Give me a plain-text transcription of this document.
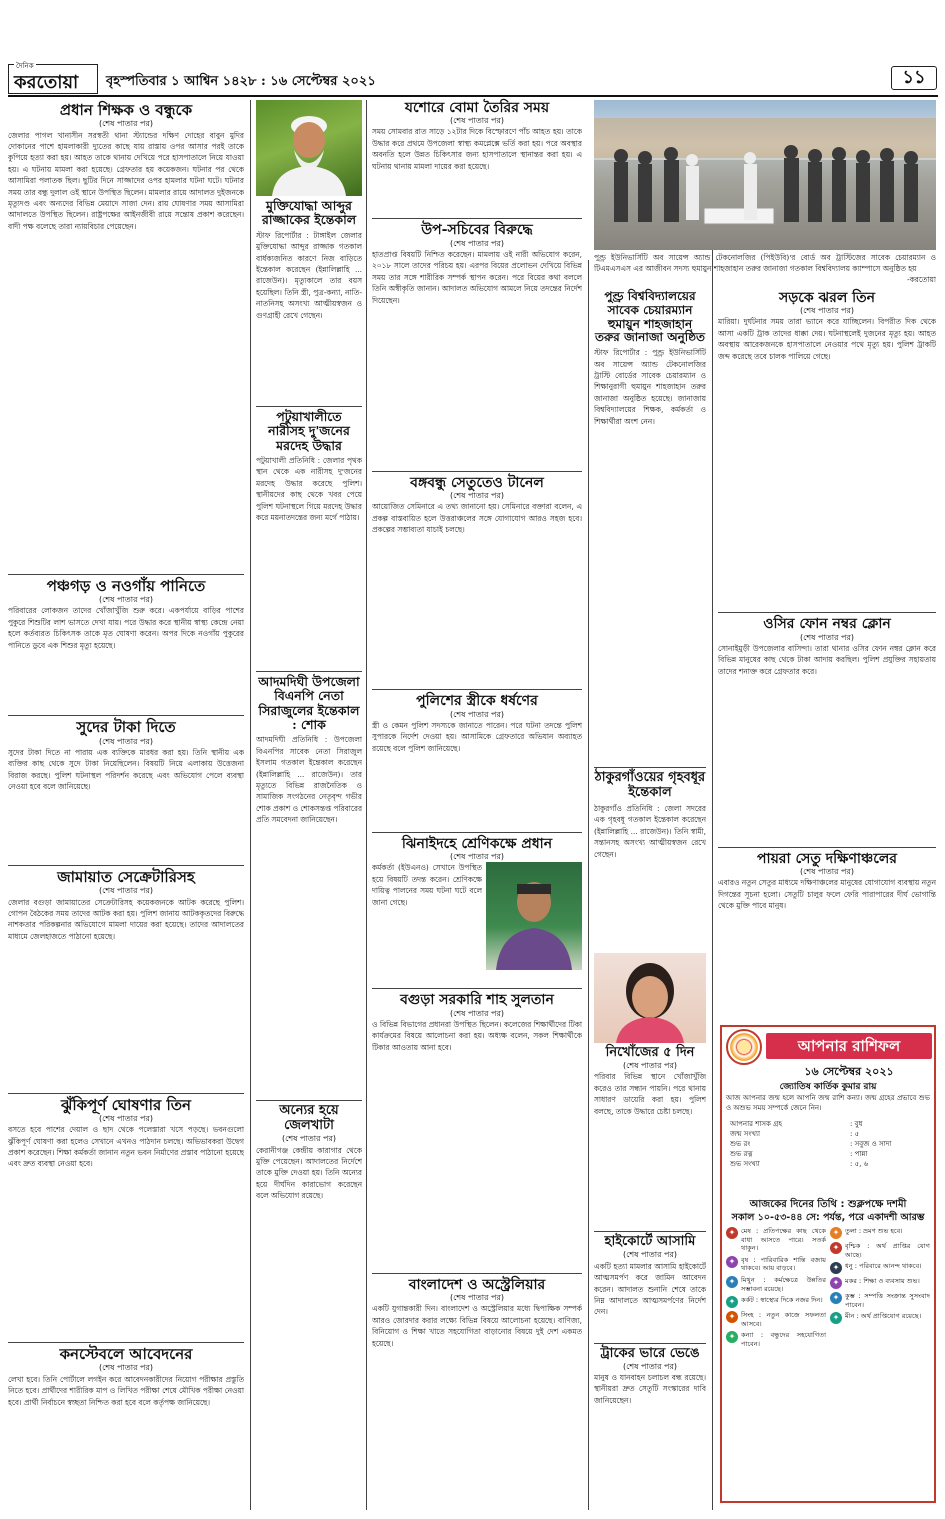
দৈনিক
করতোয়া বৃহস্পতিবার ১ আশ্বিন ১৪২৮ : ১৬ সেপ্টেম্বর ২০২১	১১
প্রধান শিক্ষক ও বন্ধুকে
(শেষ পাতার পর)
জেলার পাগল খানাসীন সরস্বতী থানা স্ট্যান্ডের দক্ষিণ দোহের বাবুন মুদির দোকানের পাশে হামলাকারী দ্যুতের কাছে যায় রাস্তায় ওপর আসার পরই তাকে কুপিয়ে হত্যা করা হয়। আহত তাকে থানায় দেখিয়ে পরে হাসপাতালে নিয়ে যাওয়া হয়। এ ঘটনায় মামলা করা হয়েছে। গ্রেফতার হয় কয়েকজন। ঘটনার পর থেকে আসামিরা পলাতক ছিল। ছুটির দিনে সাজ্জাদের ওপর হামলার ঘটনা ঘটে। ঘটনার সময় তার বন্ধু দুলাল ওই স্থানে উপস্থিত ছিলেন। মামলার রায়ে আদালত দুইজনকে মৃত্যুদণ্ড এবং অন্যদের বিভিন্ন মেয়াদে সাজা দেন। রায় ঘোষণার সময় আসামিরা আদালতে উপস্থিত ছিলেন। রাষ্ট্রপক্ষের আইনজীবী রায়ে সন্তোষ প্রকাশ করেছেন। বাদী পক্ষ বলেছে তারা ন্যায়বিচার পেয়েছেন।
পঞ্চগড় ও নওগাঁয় পানিতে
(শেষ পাতার পর)
পরিবারের লোকজন তাদের খোঁজাখুঁজি শুরু করে। একপর্যায়ে বাড়ির পাশের পুকুরে শিশুটির লাশ ভাসতে দেখা যায়। পরে উদ্ধার করে স্থানীয় স্বাস্থ্য কেন্দ্রে নেয়া হলে কর্তব্যরত চিকিৎসক তাকে মৃত ঘোষণা করেন। অপর দিকে নওগাঁয় পুকুরের পানিতে ডুবে এক শিশুর মৃত্যু হয়েছে।
সুদের টাকা দিতে
(শেষ পাতার পর)
সুদের টাকা দিতে না পারায় এক ব্যক্তিকে মারধর করা হয়। তিনি স্থানীয় এক ব্যক্তির কাছ থেকে সুদে টাকা নিয়েছিলেন। বিষয়টি নিয়ে এলাকায় উত্তেজনা বিরাজ করছে। পুলিশ ঘটনাস্থল পরিদর্শন করেছে এবং অভিযোগ পেলে ব্যবস্থা নেওয়া হবে বলে জানিয়েছে।
জামায়াত সেক্রেটারিসহ
(শেষ পাতার পর)
জেলার বগুড়া জামায়াতের সেক্রেটারিসহ কয়েকজনকে আটক করেছে পুলিশ। গোপন বৈঠকের সময় তাদের আটক করা হয়। পুলিশ জানায় আটককৃতদের বিরুদ্ধে নাশকতার পরিকল্পনার অভিযোগে মামলা দায়ের করা হয়েছে। তাদের আদালতের মাধ্যমে জেলহাজতে পাঠানো হয়েছে।
ঝুঁকিপূর্ণ ঘোষণার তিন
(শেষ পাতার পর)
বসতে হবে পাশের দেয়াল ও ছাদ থেকে পলেস্তারা খসে পড়ছে। ভবনগুলো ঝুঁকিপূর্ণ ঘোষণা করা হলেও সেখানে এখনও পাঠদান চলছে। অভিভাবকরা উদ্বেগ প্রকাশ করেছেন। শিক্ষা কর্মকর্তা জানান নতুন ভবন নির্মাণের প্রস্তাব পাঠানো হয়েছে এবং দ্রুত ব্যবস্থা নেওয়া হবে।
কনস্টেবলে আবেদনের
(শেষ পাতার পর)
লেখা হবে। তিনি পোর্টালে লগইন করে আবেদনকারীদের নিয়োগ পরীক্ষার প্রস্তুতি নিতে হবে। প্রার্থীদের শারীরিক মাপ ও লিখিত পরীক্ষা শেষে মৌখিক পরীক্ষা নেওয়া হবে। প্রার্থী নির্বাচনে স্বচ্ছতা নিশ্চিত করা হবে বলে কর্তৃপক্ষ জানিয়েছে।
মুক্তিযোদ্ধা আব্দুর রাজ্জাকের ইন্তেকাল
স্টাফ রিপোর্টার : টাঙ্গাইল জেলার মুক্তিযোদ্ধা আব্দুর রাজ্জাক গতকাল বার্ধক্যজনিত কারণে নিজ বাড়িতে ইন্তেকাল করেছেন (ইন্নালিল্লাহি ... রাজেউন)। মৃত্যুকালে তার বয়স হয়েছিল। তিনি স্ত্রী, পুত্র-কন্যা, নাতি-নাতনিসহ অসংখ্য আত্মীয়স্বজন ও গুণগ্রাহী রেখে গেছেন।
পটুয়াখালীতে নারীসহ দু'জনের মরদেহ উদ্ধার
পটুয়াখালী প্রতিনিধি : জেলার পৃথক স্থান থেকে এক নারীসহ দু'জনের মরদেহ উদ্ধার করেছে পুলিশ। স্থানীয়দের কাছ থেকে খবর পেয়ে পুলিশ ঘটনাস্থলে গিয়ে মরদেহ উদ্ধার করে ময়নাতদন্তের জন্য মর্গে পাঠায়।
আদমদিঘী উপজেলা বিএনপি নেতা সিরাজুলের ইন্তেকাল : শোক
আদমদিঘী প্রতিনিধি : উপজেলা বিএনপির সাবেক নেতা সিরাজুল ইসলাম গতকাল ইন্তেকাল করেছেন (ইন্নালিল্লাহি ... রাজেউন)। তার মৃত্যুতে বিভিন্ন রাজনৈতিক ও সামাজিক সংগঠনের নেতৃবৃন্দ গভীর শোক প্রকাশ ও শোকসন্তপ্ত পরিবারের প্রতি সমবেদনা জানিয়েছেন।
অন্যের হয়ে জেলখাটা
(শেষ পাতার পর)
কেরানীগঞ্জ কেন্দ্রীয় কারাগার থেকে মুক্তি পেয়েছেন। আদালতের নির্দেশে তাকে মুক্তি দেওয়া হয়। তিনি অন্যের হয়ে দীর্ঘদিন কারাভোগ করেছেন বলে অভিযোগ রয়েছে।
যশোরে বোমা তৈরির সময়
(শেষ পাতার পর)
সময় সোমবার রাত সাড়ে ১২টার দিকে বিস্ফোরণে পাঁচ আহত হয়। তাকে উদ্ধার করে প্রথমে উপজেলা স্বাস্থ্য কমপ্লেক্সে ভর্তি করা হয়। পরে অবস্থার অবনতি হলে উন্নত চিকিৎসার জন্য হাসপাতালে স্থানান্তর করা হয়। এ ঘটনায় থানায় মামলা দায়ের করা হয়েছে।
উপ-সচিবের বিরুদ্ধে
(শেষ পাতার পর)
হাতপ্রাপ্ত বিষয়টি নিশ্চিত করেছেন। মামলায় ওই নারী অভিযোগ করেন, ২০১৮ সালে তাদের পরিচয় হয়। এরপর বিয়ের প্রলোভন দেখিয়ে বিভিন্ন সময় তার সঙ্গে শারীরিক সম্পর্ক স্থাপন করেন। পরে বিয়ের কথা বললে তিনি অস্বীকৃতি জানান। আদালত অভিযোগ আমলে নিয়ে তদন্তের নির্দেশ দিয়েছেন।
বঙ্গবন্ধু সেতুতেও টানেল
(শেষ পাতার পর)
আয়োজিত সেমিনারে এ তথ্য জানানো হয়। সেমিনারে বক্তারা বলেন, এ প্রকল্প বাস্তবায়িত হলে উত্তরাঞ্চলের সঙ্গে যোগাযোগ আরও সহজ হবে। প্রকল্পের সম্ভাব্যতা যাচাই চলছে।
পুলিশের স্ত্রীকে ধর্ষণের
(শেষ পাতার পর)
স্ত্রী ও কেমন পুলিশ সদস্যকে জানাতে পারেন। পরে ঘটনা তদন্তে পুলিশ সুপারকে নির্দেশ দেওয়া হয়। আসামিকে গ্রেফতারে অভিযান অব্যাহত রয়েছে বলে পুলিশ জানিয়েছে।
ঝিনাইদহে শ্রেণিকক্ষে প্রধান
(শেষ পাতার পর)
কর্মকর্তা (ইউএনও) সেখানে উপস্থিত হয়ে বিষয়টি তদন্ত করেন। শ্রেণিকক্ষে দায়িত্ব পালনের সময় ঘটনা ঘটে বলে জানা গেছে।
বগুড়া সরকারি শাহ সুলতান
(শেষ পাতার পর)
ও বিভিন্ন বিভাগের প্রধানরা উপস্থিত ছিলেন। কলেজের শিক্ষার্থীদের টিকা কার্যক্রমের বিষয়ে আলোচনা করা হয়। অধ্যক্ষ বলেন, সকল শিক্ষার্থীকে টিকার আওতায় আনা হবে।
বাংলাদেশ ও অস্ট্রেলিয়ার
(শেষ পাতার পর)
একটি যুগান্তকারী দিন। বাংলাদেশ ও অস্ট্রেলিয়ার মধ্যে দ্বিপাক্ষিক সম্পর্ক আরও জোরদার করার লক্ষ্যে বিভিন্ন বিষয়ে আলোচনা হয়েছে। বাণিজ্য, বিনিয়োগ ও শিক্ষা খাতে সহযোগিতা বাড়ানোর বিষয়ে দুই দেশ একমত হয়েছে।
পুণ্ড্র ইউনিভার্সিটি অব সায়েন্স অ্যান্ড টেকনোলজির (পিইউবি)'র বোর্ড অব ট্রাস্টিজের সাবেক চেয়ারম্যান ও টিএমএসএস এর আজীবন সদস্য হুমায়ুন শাহজাহান তরুর জানাজা গতকাল বিশ্ববিদ্যালয় ক্যাম্পাসে অনুষ্ঠিত হয়
-করতোয়া
পুণ্ড্র বিশ্ববিদ্যালয়ের সাবেক চেয়ারম্যান হুমায়ুন শাহজাহান তরুর জানাজা অনুষ্ঠিত
স্টাফ রিপোর্টার : পুণ্ড্র ইউনিভার্সিটি অব সায়েন্স অ্যান্ড টেকনোলজির ট্রাস্টি বোর্ডের সাবেক চেয়ারম্যান ও শিক্ষানুরাগী হুমায়ুন শাহজাহান তরুর জানাজা অনুষ্ঠিত হয়েছে। জানাজায় বিশ্ববিদ্যালয়ের শিক্ষক, কর্মকর্তা ও শিক্ষার্থীরা অংশ নেন।
ঠাকুরগাঁওয়ের গৃহবধূর ইন্তেকাল
ঠাকুরগাঁও প্রতিনিধি : জেলা সদরের এক গৃহবধূ গতকাল ইন্তেকাল করেছেন (ইন্নালিল্লাহি ... রাজেউন)। তিনি স্বামী, সন্তানসহ অসংখ্য আত্মীয়স্বজন রেখে গেছেন।
নিখোঁজের ৫ দিন
(শেষ পাতার পর)
পরিবার বিভিন্ন স্থানে খোঁজাখুঁজি করেও তার সন্ধান পায়নি। পরে থানায় সাধারণ ডায়েরি করা হয়। পুলিশ বলছে, তাকে উদ্ধারে চেষ্টা চলছে।
হাইকোর্টে আসামি
(শেষ পাতার পর)
একটি হত্যা মামলার আসামি হাইকোর্টে আত্মসমর্পণ করে জামিন আবেদন করেন। আদালত শুনানি শেষে তাকে নিম্ন আদালতে আত্মসমর্পণের নির্দেশ দেন।
ট্রাকের ভারে ভেঙে
(শেষ পাতার পর)
মানুষ ও যানবাহন চলাচল বন্ধ রয়েছে। স্থানীয়রা দ্রুত সেতুটি সংস্কারের দাবি জানিয়েছেন।
সড়কে ঝরল তিন
(শেষ পাতার পর)
মারিয়া। দুর্ঘটনার সময় তারা ভ্যানে করে যাচ্ছিলেন। বিপরীত দিক থেকে আসা একটি ট্রাক তাদের ধাক্কা দেয়। ঘটনাস্থলেই দুজনের মৃত্যু হয়। আহত অবস্থায় আরেকজনকে হাসপাতালে নেওয়ার পথে মৃত্যু হয়। পুলিশ ট্রাকটি জব্দ করেছে তবে চালক পালিয়ে গেছে।
ওসির ফোন নম্বর ক্লোন
(শেষ পাতার পর)
সোনাইমুড়ী উপজেলার বাসিন্দা। তারা থানার ওসির ফোন নম্বর ক্লোন করে বিভিন্ন মানুষের কাছ থেকে টাকা আদায় করছিল। পুলিশ প্রযুক্তির সহায়তায় তাদের শনাক্ত করে গ্রেফতার করে।
পায়রা সেতু দক্ষিণাঞ্চলের
(শেষ পাতার পর)
এবারও নতুন সেতুর মাধ্যমে দক্ষিণাঞ্চলের মানুষের যোগাযোগ ব্যবস্থায় নতুন দিগন্তের সূচনা হলো। সেতুটি চালুর ফলে ফেরি পারাপারের দীর্ঘ ভোগান্তি থেকে মুক্তি পাবে মানুষ।
আপনার রাশিফল
১৬ সেপ্টেম্বর ২০২১
জ্যোতিষ কার্তিক কুমার রায়
আজ আপনার জন্ম হলে আপনি জন্ম রাশি কন্যা। জন্ম গ্রহের প্রভাবে শুভ ও অশুভ সময় সম্পর্কে জেনে নিন।
আপনার শাসক গ্রহ	: বুধ
জন্ম সংখ্যা	: ৫
শুভ রং	: সবুজ ও সাদা
শুভ রত্ন	: পান্না
শুভ সংখ্যা	: ৫, ৬
আজকের দিনের তিথি : শুক্লপক্ষে দশমী
সকাল ১০-৫৩-৪৪ সে: পর্যন্ত, পরে একাদশী আরম্ভ
✦ মেষ : প্রতিপক্ষের কাছ থেকে বাধা আসতে পারে। সতর্ক থাকুন।
✦ বৃষ : পারিবারিক শান্তি বজায় থাকবে। আয় বাড়বে।
✦ মিথুন : কর্মক্ষেত্রে উন্নতির সম্ভাবনা রয়েছে।
✦ কর্কট : স্বাস্থ্যের দিকে নজর দিন।
✦ সিংহ : নতুন কাজে সফলতা আসবে।
✦ কন্যা : বন্ধুদের সহযোগিতা পাবেন।
✦ তুলা : ভ্রমণ শুভ হবে।
✦ বৃশ্চিক : অর্থ প্রাপ্তির যোগ আছে।
✦ ধনু : পরিবারে আনন্দ থাকবে।
✦ মকর : শিক্ষা ও ব্যবসায় শুভ।
✦ কুম্ভ : সম্পত্তি সংক্রান্ত সুসংবাদ পাবেন।
✦ মীন : অর্থ প্রাপ্তিযোগ রয়েছে।
